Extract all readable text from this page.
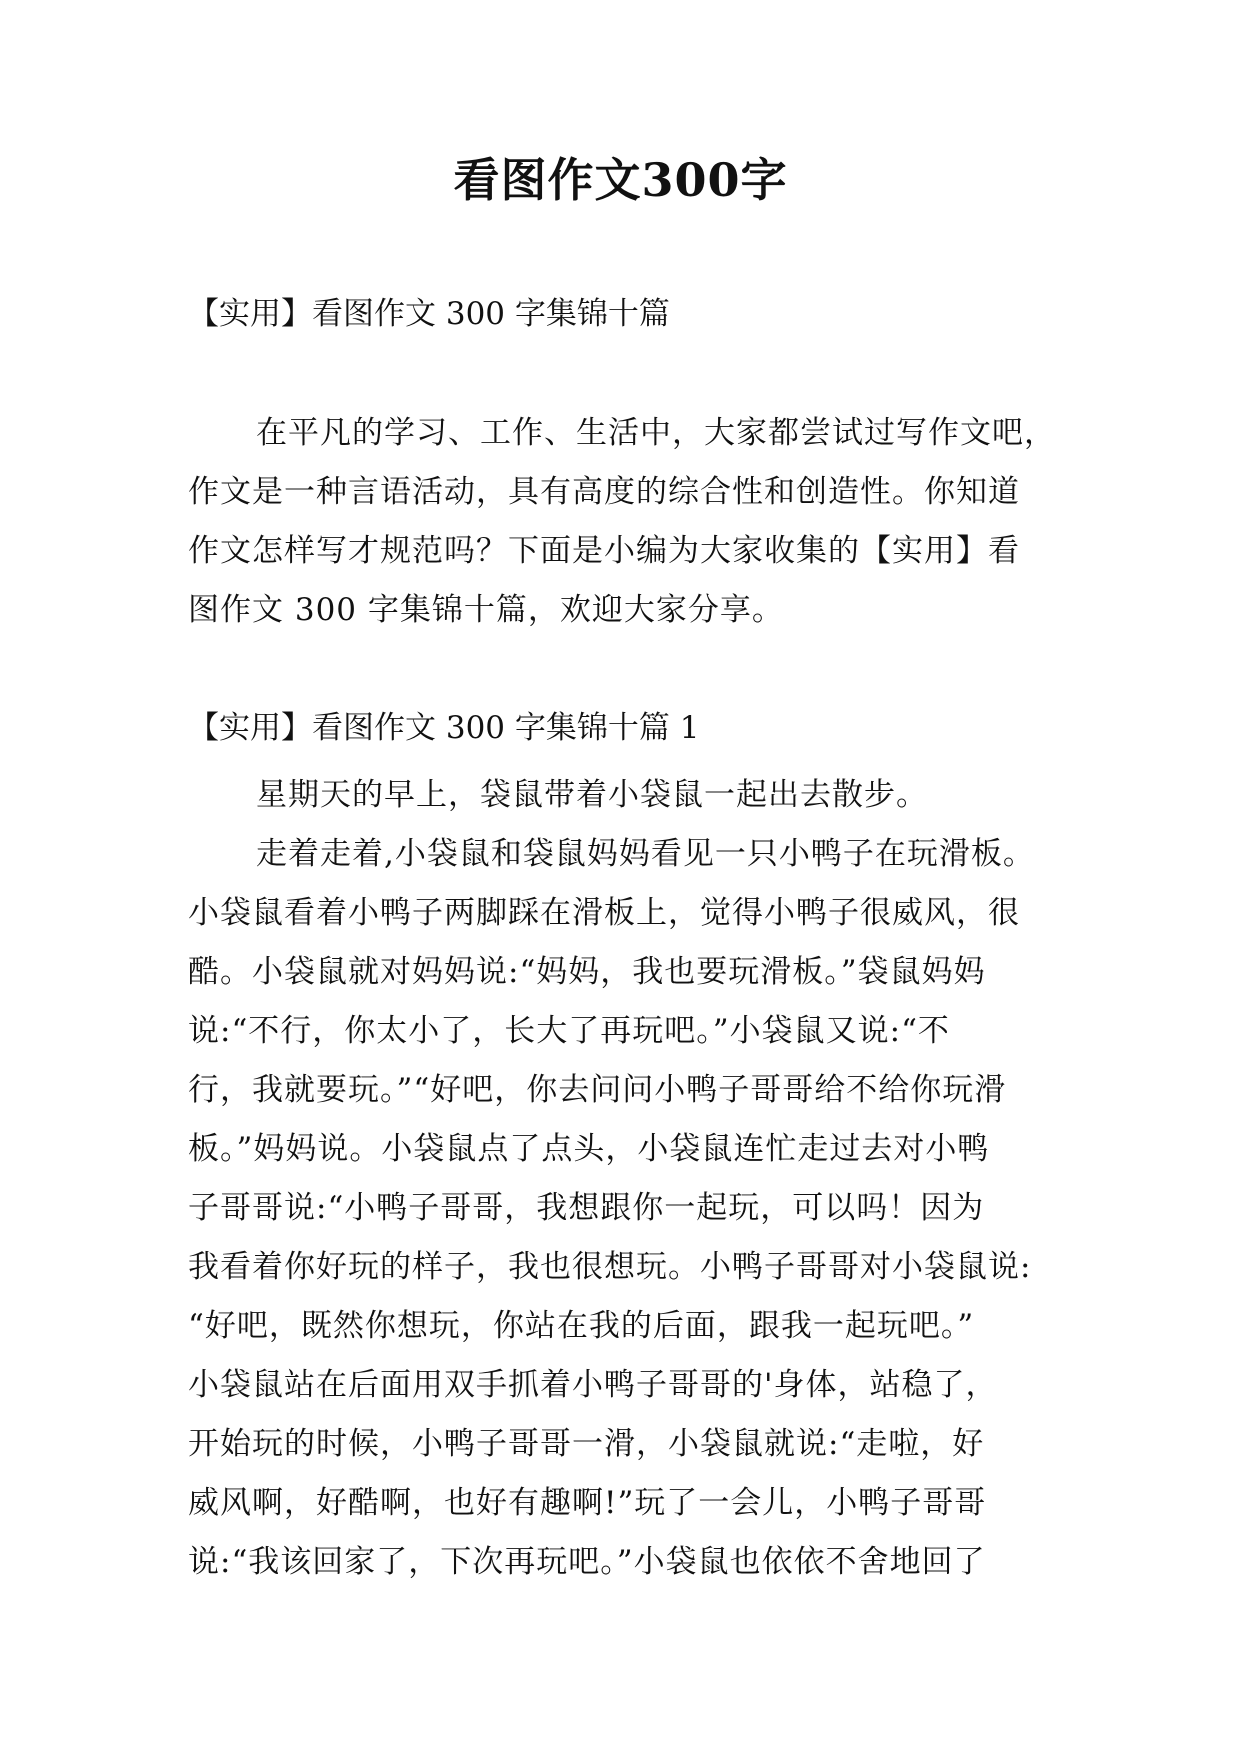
看图作文300字
【实用】看图作文 300 字集锦十篇
在平凡的学习、工作、生活中，大家都尝试过写作文吧，
作文是一种言语活动，具有高度的综合性和创造性。你知道
作文怎样写才规范吗？下面是小编为大家收集的【实用】看
图作文 300 字集锦十篇，欢迎大家分享。
【实用】看图作文 300 字集锦十篇 1
星期天的早上，袋鼠带着小袋鼠一起出去散步。
走着走着,小袋鼠和袋鼠妈妈看见一只小鸭子在玩滑板。
小袋鼠看着小鸭子两脚踩在滑板上，觉得小鸭子很威风，很
酷。小袋鼠就对妈妈说:“妈妈，我也要玩滑板。”袋鼠妈妈
说:“不行，你太小了，长大了再玩吧。”小袋鼠又说:“不
行，我就要玩。”“好吧，你去问问小鸭子哥哥给不给你玩滑
板。”妈妈说。小袋鼠点了点头，小袋鼠连忙走过去对小鸭
子哥哥说:“小鸭子哥哥，我想跟你一起玩，可以吗！因为
我看着你好玩的样子，我也很想玩。小鸭子哥哥对小袋鼠说:
“好吧，既然你想玩，你站在我的后面，跟我一起玩吧。”
小袋鼠站在后面用双手抓着小鸭子哥哥的'身体，站稳了，
开始玩的时候，小鸭子哥哥一滑，小袋鼠就说:“走啦，好
威风啊，好酷啊，也好有趣啊!”玩了一会儿，小鸭子哥哥
说:“我该回家了，下次再玩吧。”小袋鼠也依依不舍地回了
